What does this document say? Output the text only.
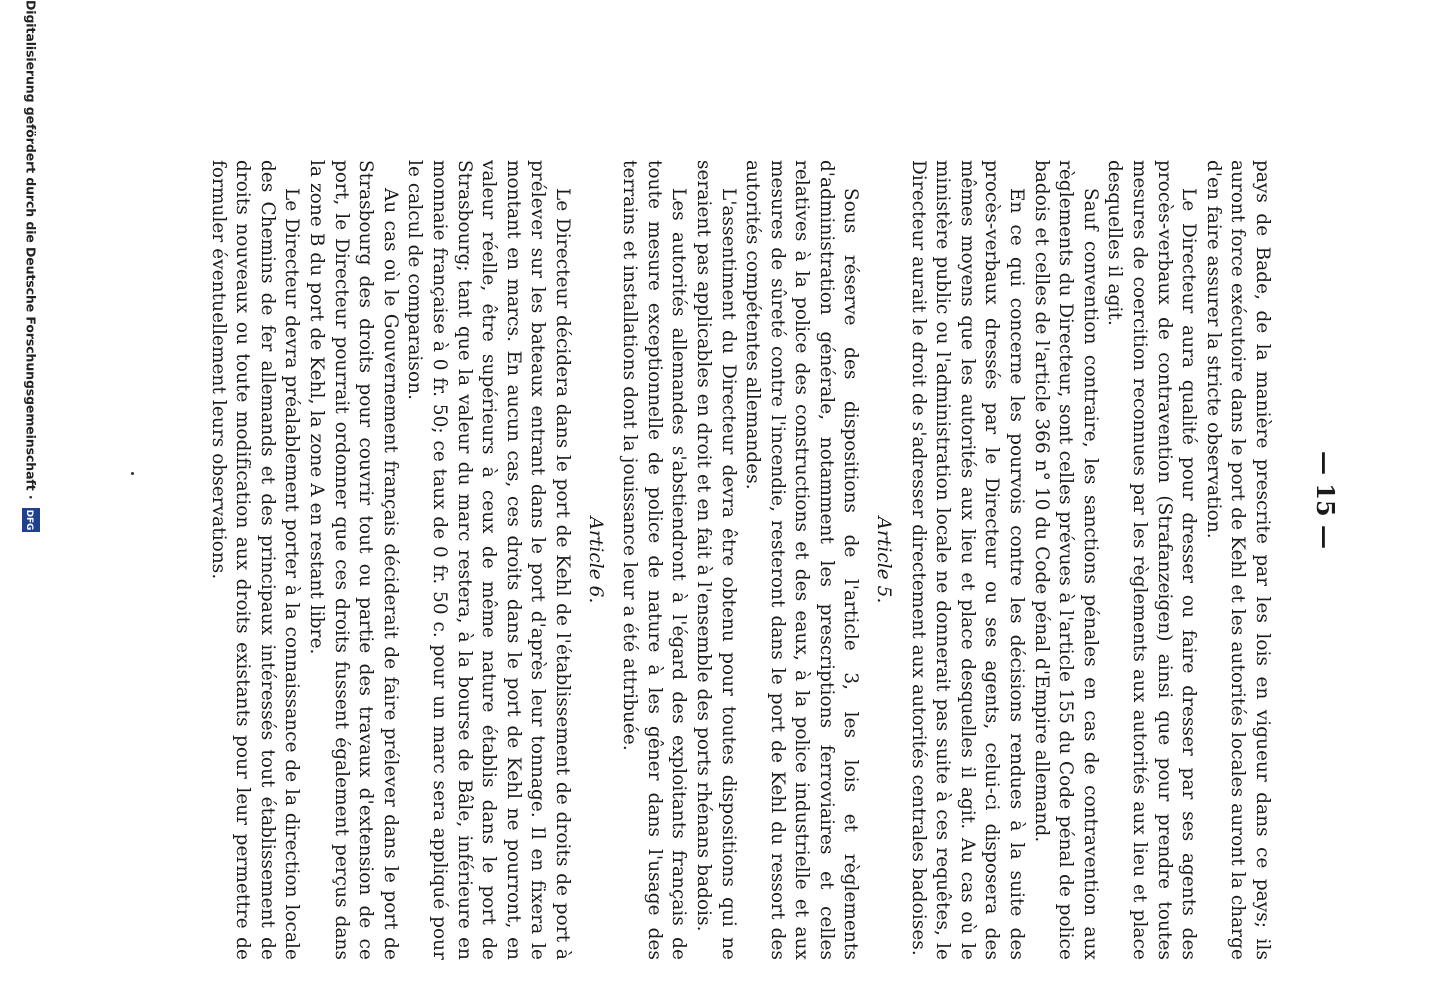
— 15 —

pays de Bade, de la manière prescrite par les lois en vigueur dans ce pays; ils auront force exécutoire dans le port de Kehl et les autorités locales auront la charge d'en faire assurer la stricte observation.

Le Directeur aura qualité pour dresser ou faire dresser par ses agents des procès-verbaux de contravention (Strafanzeigen) ainsi que pour prendre toutes mesures de coercition reconnues par les règlements aux autorités aux lieu et place desquelles il agit.

Sauf convention contraire, les sanctions pénales en cas de contravention aux règlements du Directeur, sont celles prévues à l'article 155 du Code pénal de police badois et celles de l'article 366 n° 10 du Code pénal d'Empire allemand.

En ce qui concerne les pourvois contre les décisions rendues à la suite des procès-verbaux dressés par le Directeur ou ses agents, celui-ci disposera des mêmes moyens que les autorités aux lieu et place desquelles il agit. Au cas où le ministère public ou l'administration locale ne donnerait pas suite à ces requêtes, le Directeur aurait le droit de s'adresser directement aux autorités centrales badoises.

Article 5.

Sous réserve des dispositions de l'article 3, les lois et règlements d'administration générale, notamment les prescriptions ferroviaires et celles relatives à la police des constructions et des eaux, à la police industrielle et aux mesures de sûreté contre l'incendie, resteront dans le port de Kehl du ressort des autorités compétentes allemandes.

L'assentiment du Directeur devra être obtenu pour toutes dispositions qui ne seraient pas applicables en droit et en fait à l'ensemble des ports rhénans badois.

Les autorités allemandes s'abstiendront à l'égard des exploitants français de toute mesure exceptionnelle de police de nature à les gêner dans l'usage des terrains et installations dont la jouissance leur a été attribuée.

Article 6.

Le Directeur décidera dans le port de Kehl de l'établissement de droits de port à prélever sur les bateaux entrant dans le port d'après leur tonnage. Il en fixera le montant en marcs. En aucun cas, ces droits dans le port de Kehl ne pourront, en valeur réelle, être supérieurs à ceux de même nature établis dans le port de Strasbourg; tant que la valeur du marc restera, à la bourse de Bâle, inférieure en monnaie française à 0 fr. 50; ce taux de 0 fr. 50 c. pour un marc sera appliqué pour le calcul de comparaison.

Au cas où le Gouvernement français déciderait de faire prélever dans le port de Strasbourg des droits pour couvrir tout ou partie des travaux d'extension de ce port, le Directeur pourrait ordonner que ces droits fussent également perçus dans la zone B du port de Kehl, la zone A en restant libre.

Le Directeur devra préalablement porter à la connaissance de la direction locale des Chemins de fer allemands et des principaux intéressés tout établissement de droits nouveaux ou toute modification aux droits existants pour leur permettre de formuler éventuellement leurs observations.

Digitalisierung gefördert durch die Deutsche Forschungsgemeinschaft ·
DFG
